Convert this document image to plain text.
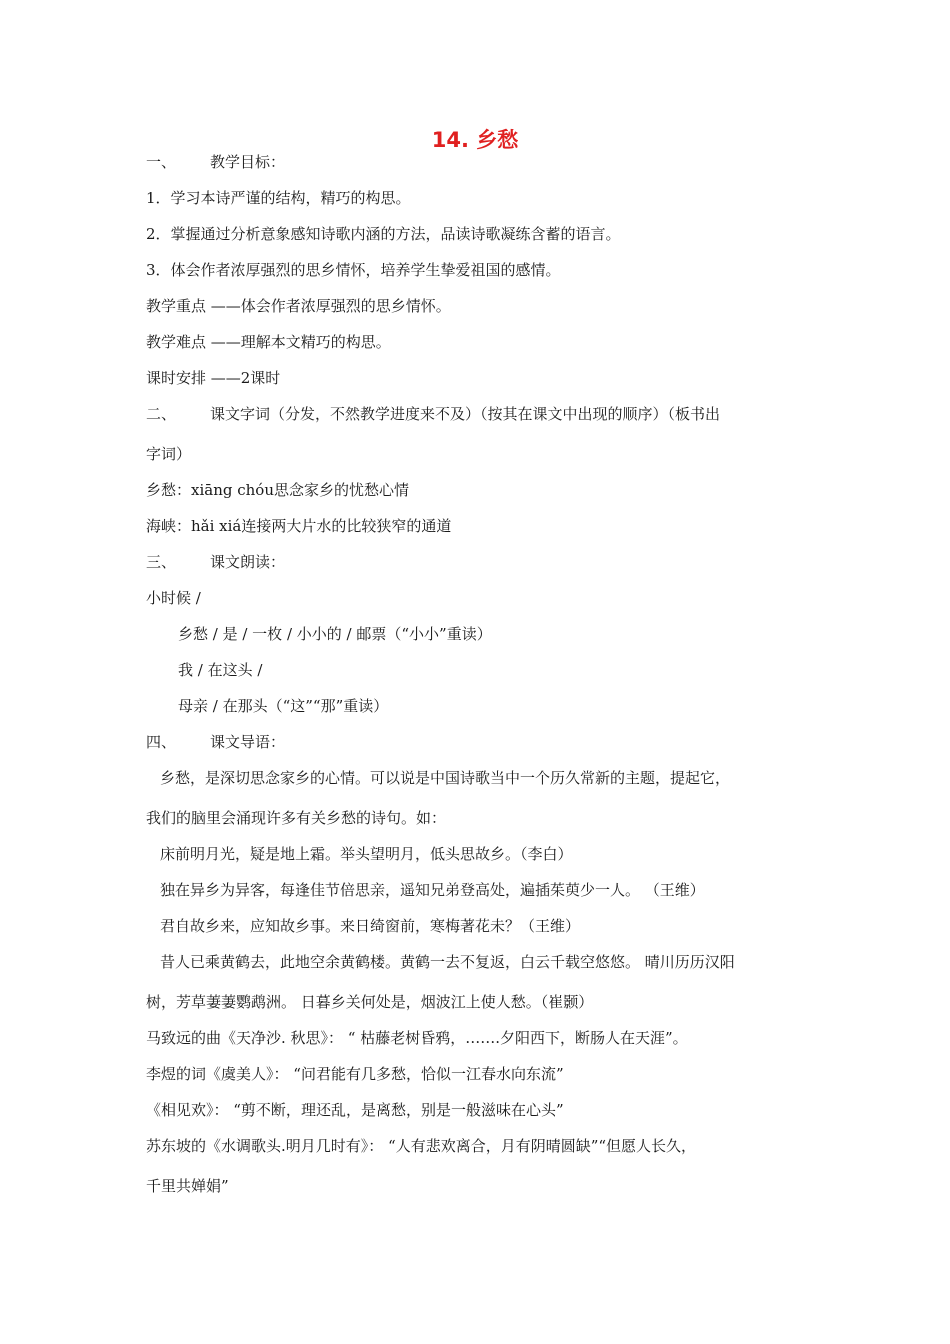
14. 乡愁
一、 教学目标：
1．学习本诗严谨的结构，精巧的构思。
2．掌握通过分析意象感知诗歌内涵的方法，品读诗歌凝练含蓄的语言。
3．体会作者浓厚强烈的思乡情怀，培养学生挚爱祖国的感情。
教学重点 ——体会作者浓厚强烈的思乡情怀。
教学难点 ——理解本文精巧的构思。
课时安排 ——2课时
二、 课文字词（分发，不然教学进度来不及）（按其在课文中出现的顺序）（板书出
字词）
乡愁：xiāng chóu思念家乡的忧愁心情
海峡：hǎi xiá连接两大片水的比较狭窄的通道
三、 课文朗读：
小时候 /
乡愁 / 是 / 一枚 / 小小的 / 邮票（“小小”重读）
我 / 在这头 /
母亲 / 在那头（“这”“那”重读）
四、 课文导语：
乡愁，是深切思念家乡的心情。可以说是中国诗歌当中一个历久常新的主题，提起它，
我们的脑里会涌现许多有关乡愁的诗句。如：
床前明月光，疑是地上霜。举头望明月，低头思故乡。（李白）
独在异乡为异客，每逢佳节倍思亲，遥知兄弟登高处，遍插茱萸少一人。 （王维）
君自故乡来，应知故乡事。来日绮窗前，寒梅著花未？（王维）
昔人已乘黄鹤去，此地空余黄鹤楼。黄鹤一去不复返，白云千载空悠悠。 晴川历历汉阳
树，芳草萋萋鹦鹉洲。 日暮乡关何处是，烟波江上使人愁。（崔颢）
马致远的曲《天净沙. 秋思》： “ 枯藤老树昏鸦，…….夕阳西下，断肠人在天涯”。
李煜的词《虞美人》： “问君能有几多愁，恰似一江春水向东流”
《相见欢》： “剪不断，理还乱，是离愁，别是一般滋味在心头”
苏东坡的《水调歌头.明月几时有》： “人有悲欢离合，月有阴晴圆缺”“但愿人长久，
千里共婵娟”
